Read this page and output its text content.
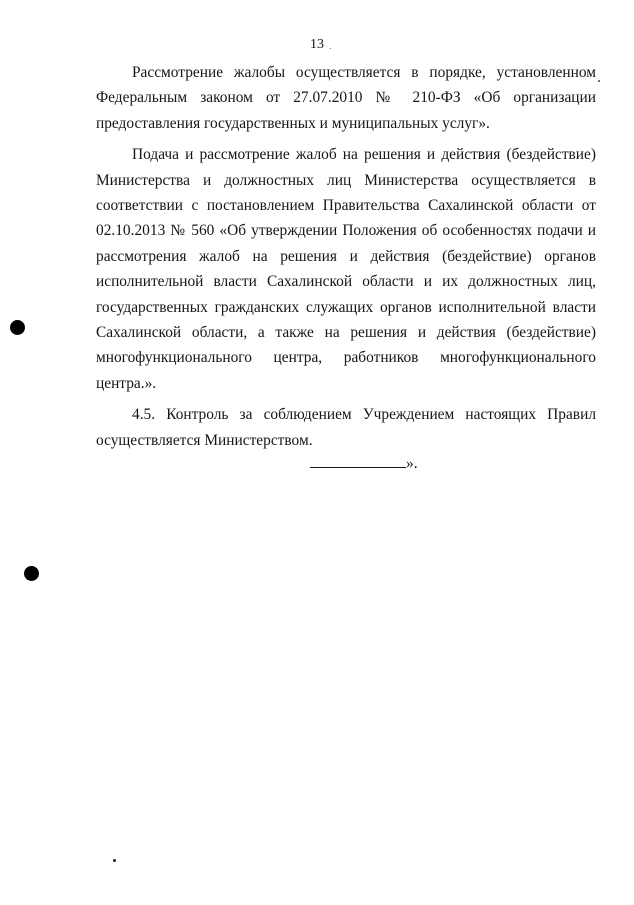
13

Рассмотрение жалобы осуществляется в порядке, установленном Федеральным законом от 27.07.2010 № 210-ФЗ «Об организации предоставления государственных и муниципальных услуг».

Подача и рассмотрение жалоб на решения и действия (бездействие) Министерства и должностных лиц Министерства осуществляется в соответствии с постановлением Правительства Сахалинской области от 02.10.2013 № 560 «Об утверждении Положения об особенностях подачи и рассмотрения жалоб на решения и действия (бездействие) органов исполнительной власти Сахалинской области и их должностных лиц, государственных гражданских служащих органов исполнительной власти Сахалинской области, а также на решения и действия (бездействие) многофункционального центра, работников многофункционального центра.».

4.5. Контроль за соблюдением Учреждением настоящих Правил осуществляется Министерством.

».
